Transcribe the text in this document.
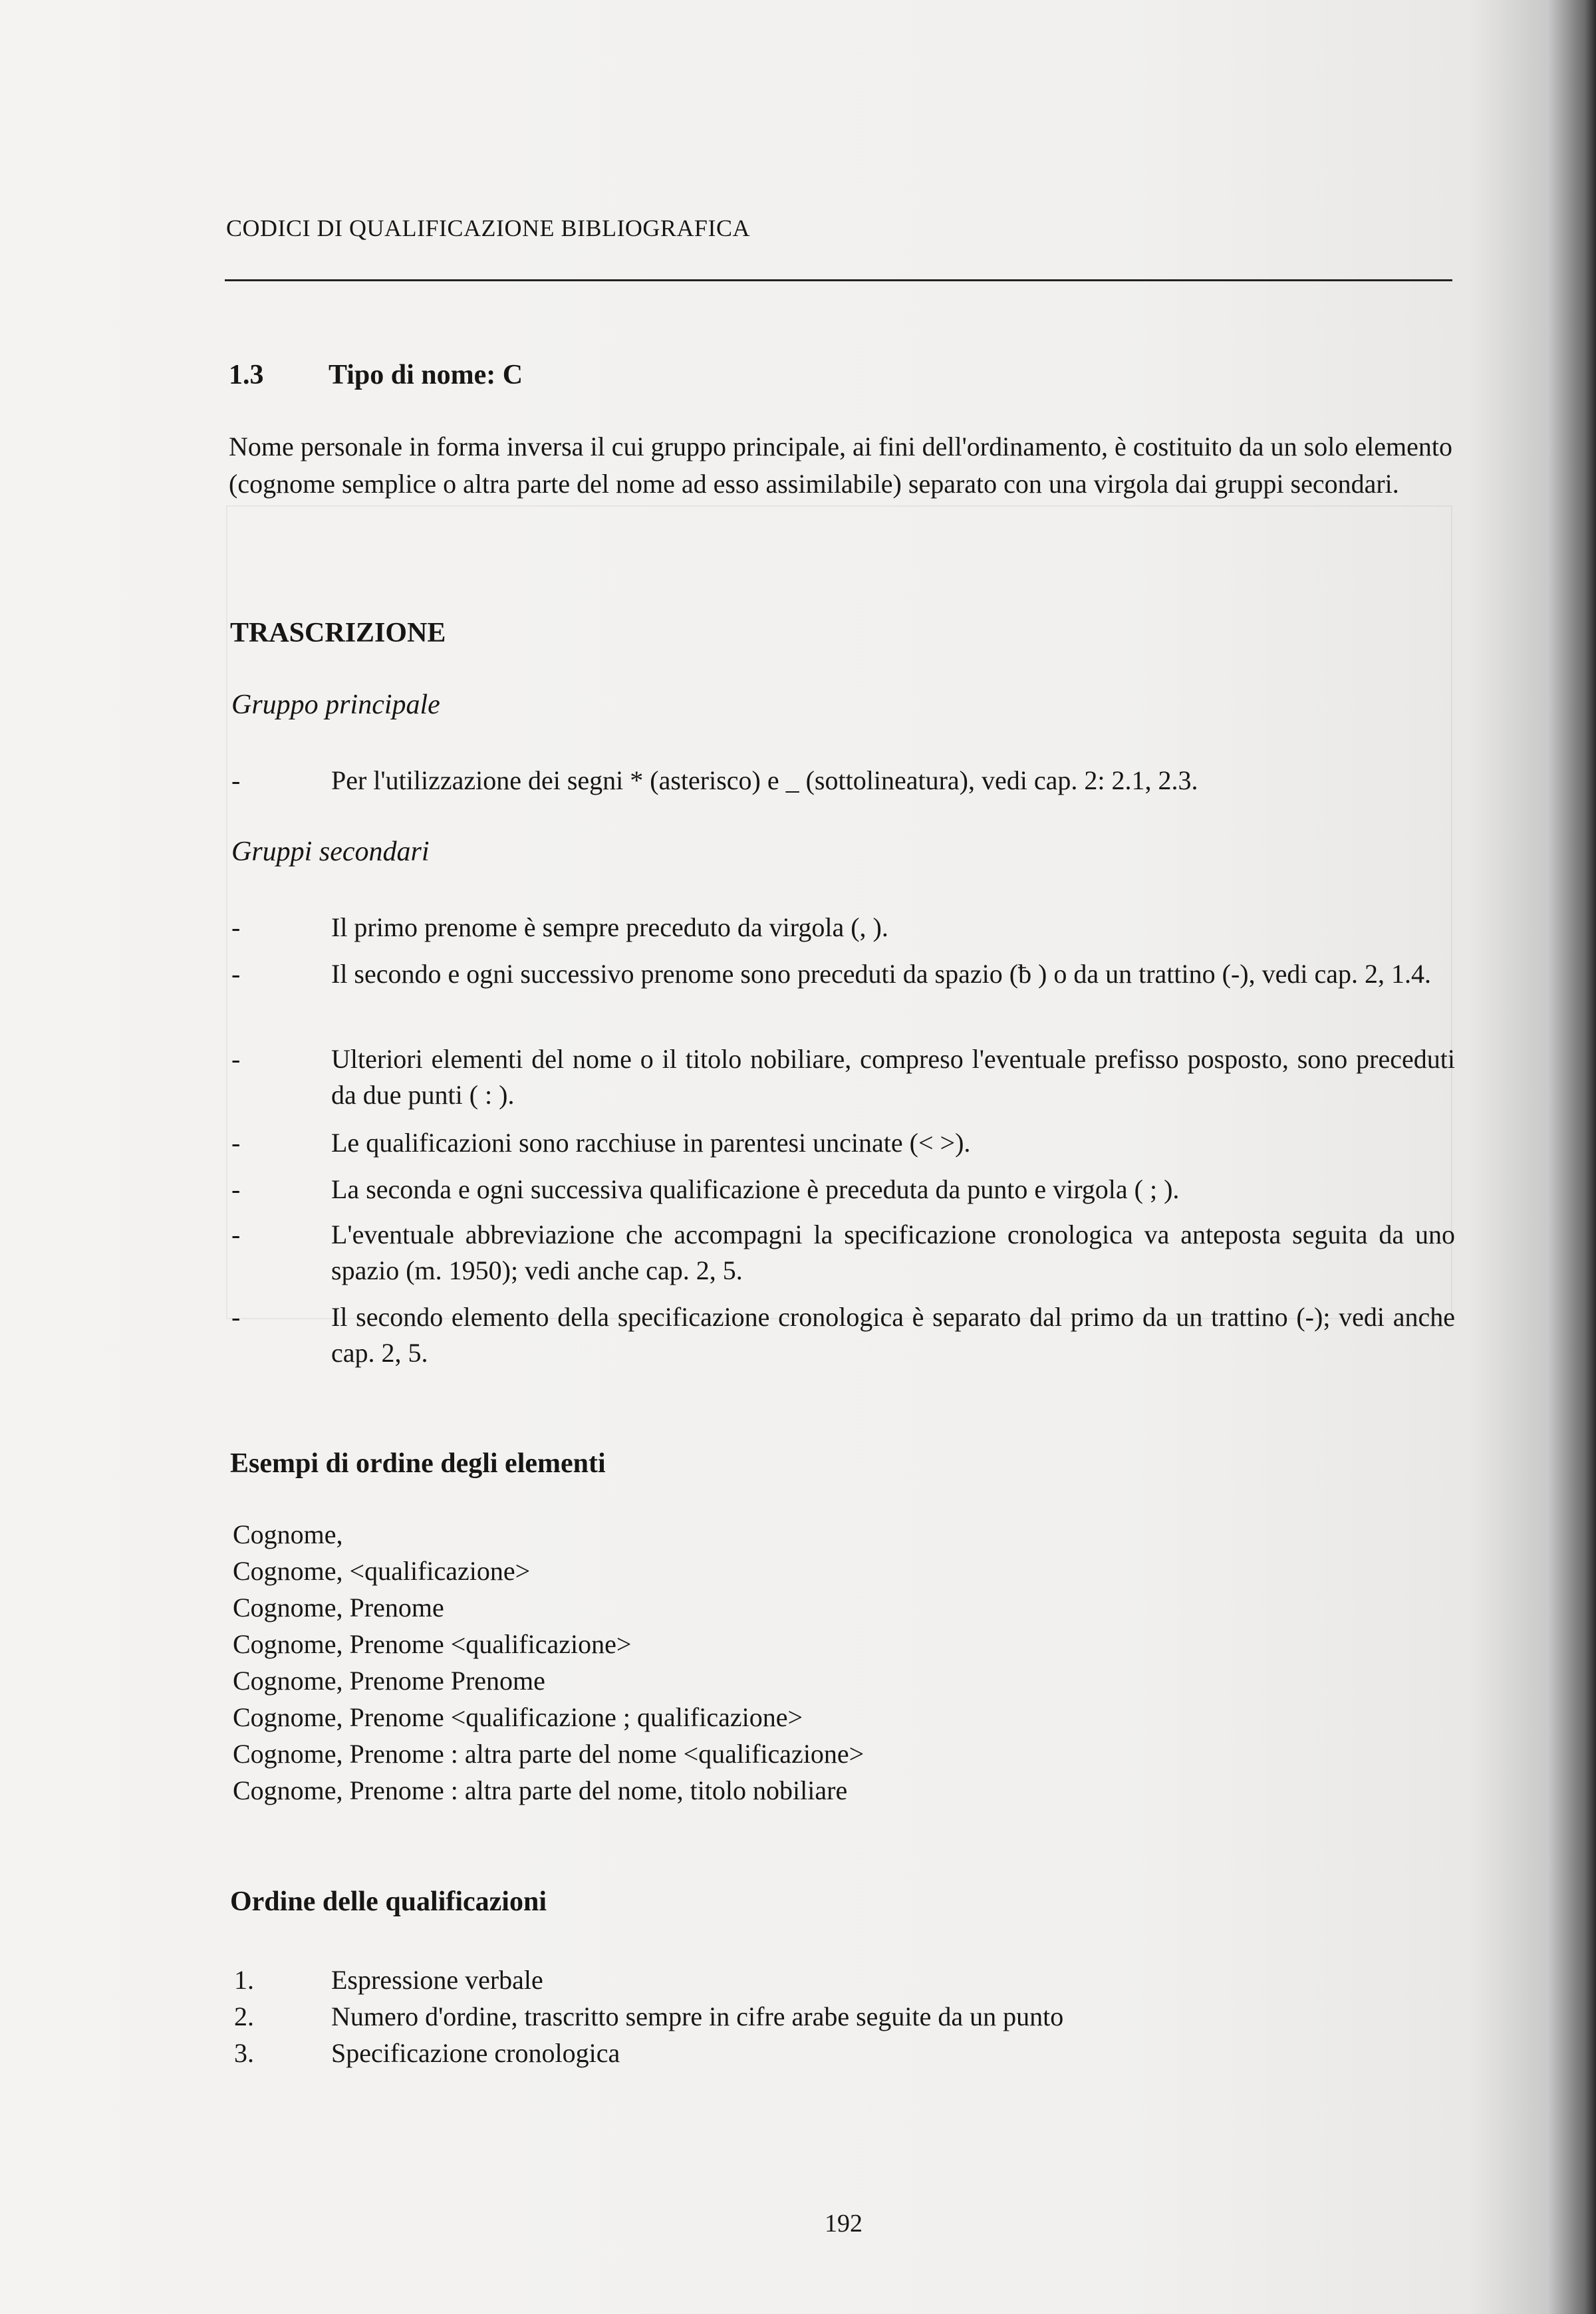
CODICI DI QUALIFICAZIONE BIBLIOGRAFICA
1.3 Tipo di nome: C
Nome personale in forma inversa il cui gruppo principale, ai fini dell'ordinamento, è costituito da un solo elemento (cognome semplice o altra parte del nome ad esso assimilabile) separato con una virgola dai gruppi secondari.
TRASCRIZIONE
Gruppo principale
-	Per l'utilizzazione dei segni * (asterisco) e _ (sottolineatura), vedi cap. 2: 2.1, 2.3.
Gruppi secondari
-	Il primo prenome è sempre preceduto da virgola (, ).
-	Il secondo e ogni successivo prenome sono preceduti da spazio (ƀ ) o da un trattino (-), vedi cap. 2, 1.4.
-	Ulteriori elementi del nome o il titolo nobiliare, compreso l'eventuale prefisso posposto, sono preceduti da due punti ( : ).
-	Le qualificazioni sono racchiuse in parentesi uncinate (< >).
-	La seconda e ogni successiva qualificazione è preceduta da punto e virgola ( ; ).
-	L'eventuale abbreviazione che accompagni la specificazione cronologica va anteposta seguita da uno spazio (m. 1950); vedi anche cap. 2, 5.
-	Il secondo elemento della specificazione cronologica è separato dal primo da un trattino (-); vedi anche cap. 2, 5.
Esempi di ordine degli elementi
Cognome,
Cognome, <qualificazione>
Cognome, Prenome
Cognome, Prenome <qualificazione>
Cognome, Prenome Prenome
Cognome, Prenome <qualificazione ; qualificazione>
Cognome, Prenome : altra parte del nome <qualificazione>
Cognome, Prenome : altra parte del nome, titolo nobiliare
Ordine delle qualificazioni
1.	Espressione verbale
2.	Numero d'ordine, trascritto sempre in cifre arabe seguite da un punto
3.	Specificazione cronologica
192
